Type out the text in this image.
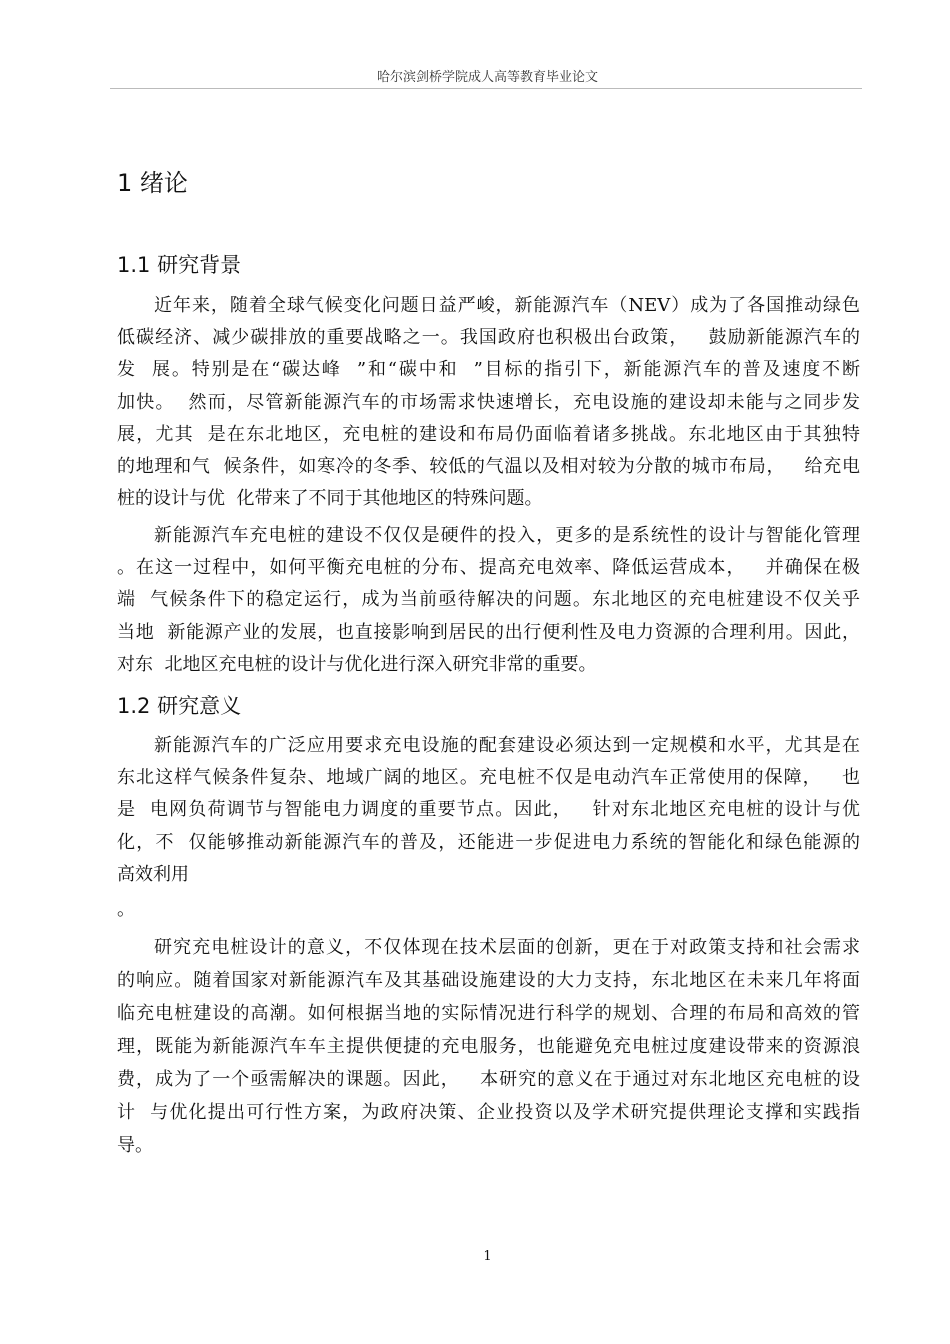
哈尔滨剑桥学院成人高等教育毕业论文
1 绪论
1.1 研究背景
近年来，随着全球气候变化问题日益严峻，新能源汽车（NEV）成为了各国推动绿色
低碳经济、减少碳排放的重要战略之一。我国政府也积极出台政策，   鼓励新能源汽车的
发  展。特别是在“碳达峰  ”和“碳中和  ”目标的指引下，新能源汽车的普及速度不断
加快。  然而，尽管新能源汽车的市场需求快速增长，充电设施的建设却未能与之同步发
展，尤其  是在东北地区，充电桩的建设和布局仍面临着诸多挑战。东北地区由于其独特
的地理和气  候条件，如寒冷的冬季、较低的气温以及相对较为分散的城市布局，   给充电
桩的设计与优  化带来了不同于其他地区的特殊问题。
新能源汽车充电桩的建设不仅仅是硬件的投入，更多的是系统性的设计与智能化管理
。在这一过程中，如何平衡充电桩的分布、提高充电效率、降低运营成本，   并确保在极
端  气候条件下的稳定运行，成为当前亟待解决的问题。东北地区的充电桩建设不仅关乎
当地  新能源产业的发展，也直接影响到居民的出行便利性及电力资源的合理利用。因此，
对东  北地区充电桩的设计与优化进行深入研究非常的重要。
1.2 研究意义
新能源汽车的广泛应用要求充电设施的配套建设必须达到一定规模和水平，尤其是在
东北这样气候条件复杂、地域广阔的地区。充电桩不仅是电动汽车正常使用的保障，   也
是  电网负荷调节与智能电力调度的重要节点。因此，   针对东北地区充电桩的设计与优
化，不  仅能够推动新能源汽车的普及，还能进一步促进电力系统的智能化和绿色能源的
高效利用
。
研究充电桩设计的意义，不仅体现在技术层面的创新，更在于对政策支持和社会需求
的响应。随着国家对新能源汽车及其基础设施建设的大力支持，东北地区在未来几年将面
临充电桩建设的高潮。如何根据当地的实际情况进行科学的规划、合理的布局和高效的管
理，既能为新能源汽车车主提供便捷的充电服务，也能避免充电桩过度建设带来的资源浪
费，成为了一个亟需解决的课题。因此，   本研究的意义在于通过对东北地区充电桩的设
计  与优化提出可行性方案，为政府决策、企业投资以及学术研究提供理论支撑和实践指
导。
1
